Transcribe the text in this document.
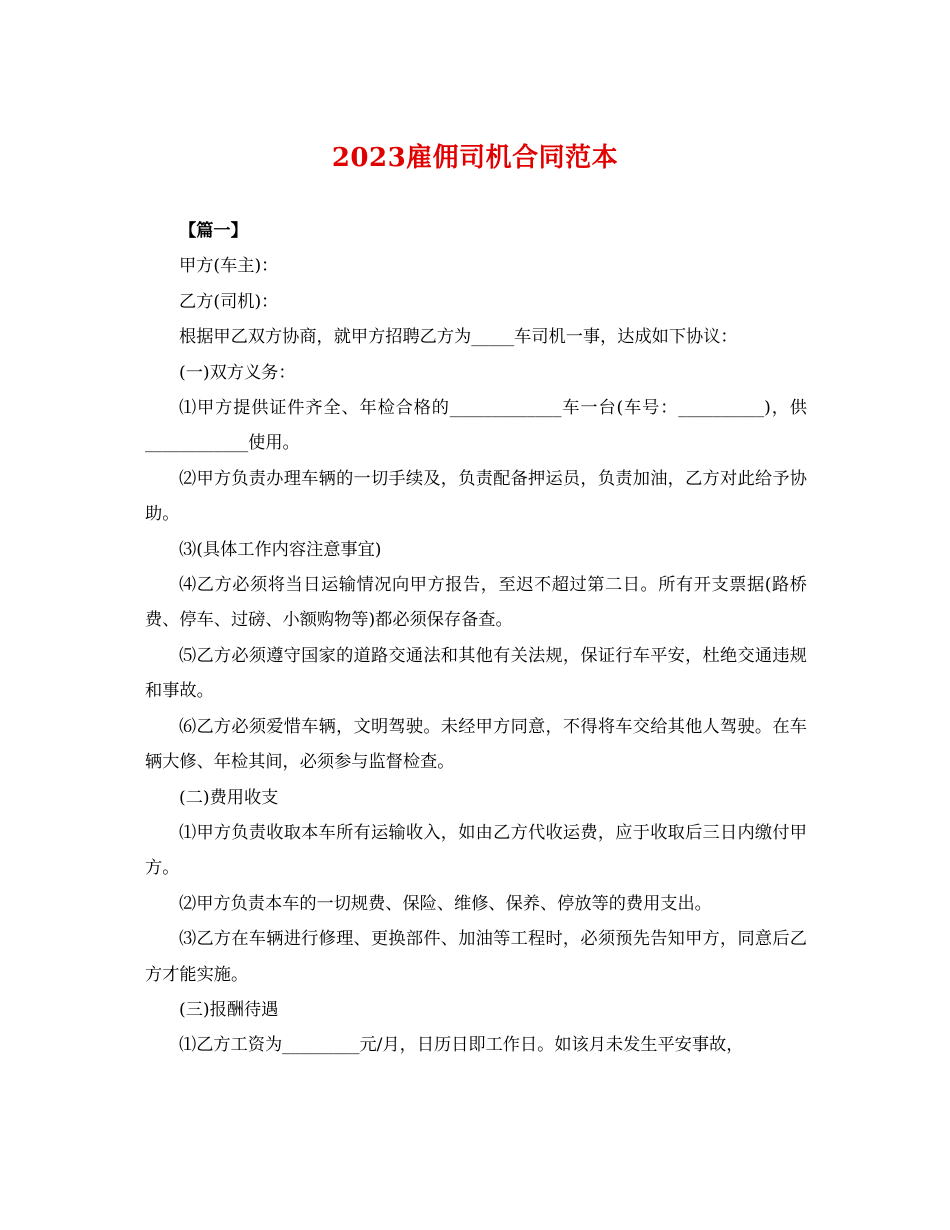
2023雇佣司机合同范本

【篇一】

甲方(车主)：

乙方(司机)：

根据甲乙双方协商，就甲方招聘乙方为_____车司机一事，达成如下协议：

(一)双方义务：

⑴甲方提供证件齐全、年检合格的_____________车一台(车号：__________)，供____________使用。

⑵甲方负责办理车辆的一切手续及，负责配备押运员，负责加油，乙方对此给予协助。

⑶(具体工作内容注意事宜)

⑷乙方必须将当日运输情况向甲方报告，至迟不超过第二日。所有开支票据(路桥费、停车、过磅、小额购物等)都必须保存备查。

⑸乙方必须遵守国家的道路交通法和其他有关法规，保证行车平安，杜绝交通违规和事故。

⑹乙方必须爱惜车辆，文明驾驶。未经甲方同意，不得将车交给其他人驾驶。在车辆大修、年检其间，必须参与监督检查。

(二)费用收支

⑴甲方负责收取本车所有运输收入，如由乙方代收运费，应于收取后三日内缴付甲方。

⑵甲方负责本车的一切规费、保险、维修、保养、停放等的费用支出。

⑶乙方在车辆进行修理、更换部件、加油等工程时，必须预先告知甲方，同意后乙方才能实施。

(三)报酬待遇

⑴乙方工资为_________元/月，日历日即工作日。如该月未发生平安事故，
